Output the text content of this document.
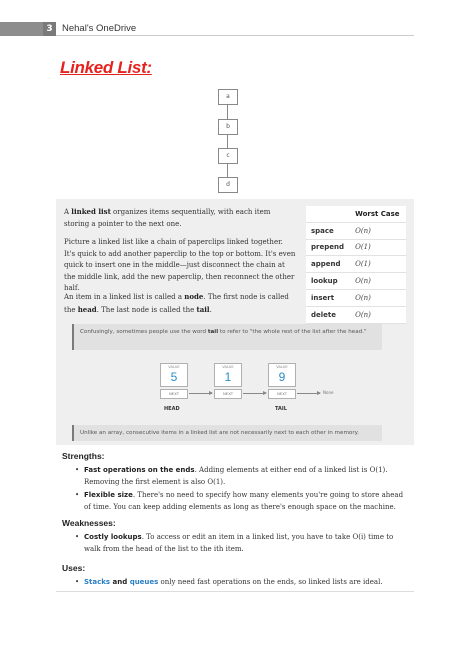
3 Nehal's OneDrive
Linked List:
a
b
c
d
A linked list organizes items sequentially, with each item storing a pointer to the next one.
Picture a linked list like a chain of paperclips linked together. It's quick to add another paperclip to the top or bottom. It's even quick to insert one in the middle—just disconnect the chain at the middle link, add the new paperclip, then reconnect the other half.
An item in a linked list is called a node. The first node is called the head. The last node is called the tail.
	Worst Case
space	O(n)
prepend	O(1)
append	O(1)
lookup	O(n)
insert	O(n)
delete	O(n)
Confusingly, sometimes people use the word tail to refer to "the whole rest of the list after the head."
VALUE
5
NEXT
VALUE
1
NEXT
VALUE
9
NEXT	None
HEAD	TAIL
Unlike an array, consecutive items in a linked list are not necessarily next to each other in memory.
Strengths:
• Fast operations on the ends. Adding elements at either end of a linked list is O(1). Removing the first element is also O(1).
• Flexible size. There's no need to specify how many elements you're going to store ahead of time. You can keep adding elements as long as there's enough space on the machine.
Weaknesses:
• Costly lookups. To access or edit an item in a linked list, you have to take O(i) time to walk from the head of the list to the ith item.
Uses:
• Stacks and queues only need fast operations on the ends, so linked lists are ideal.
